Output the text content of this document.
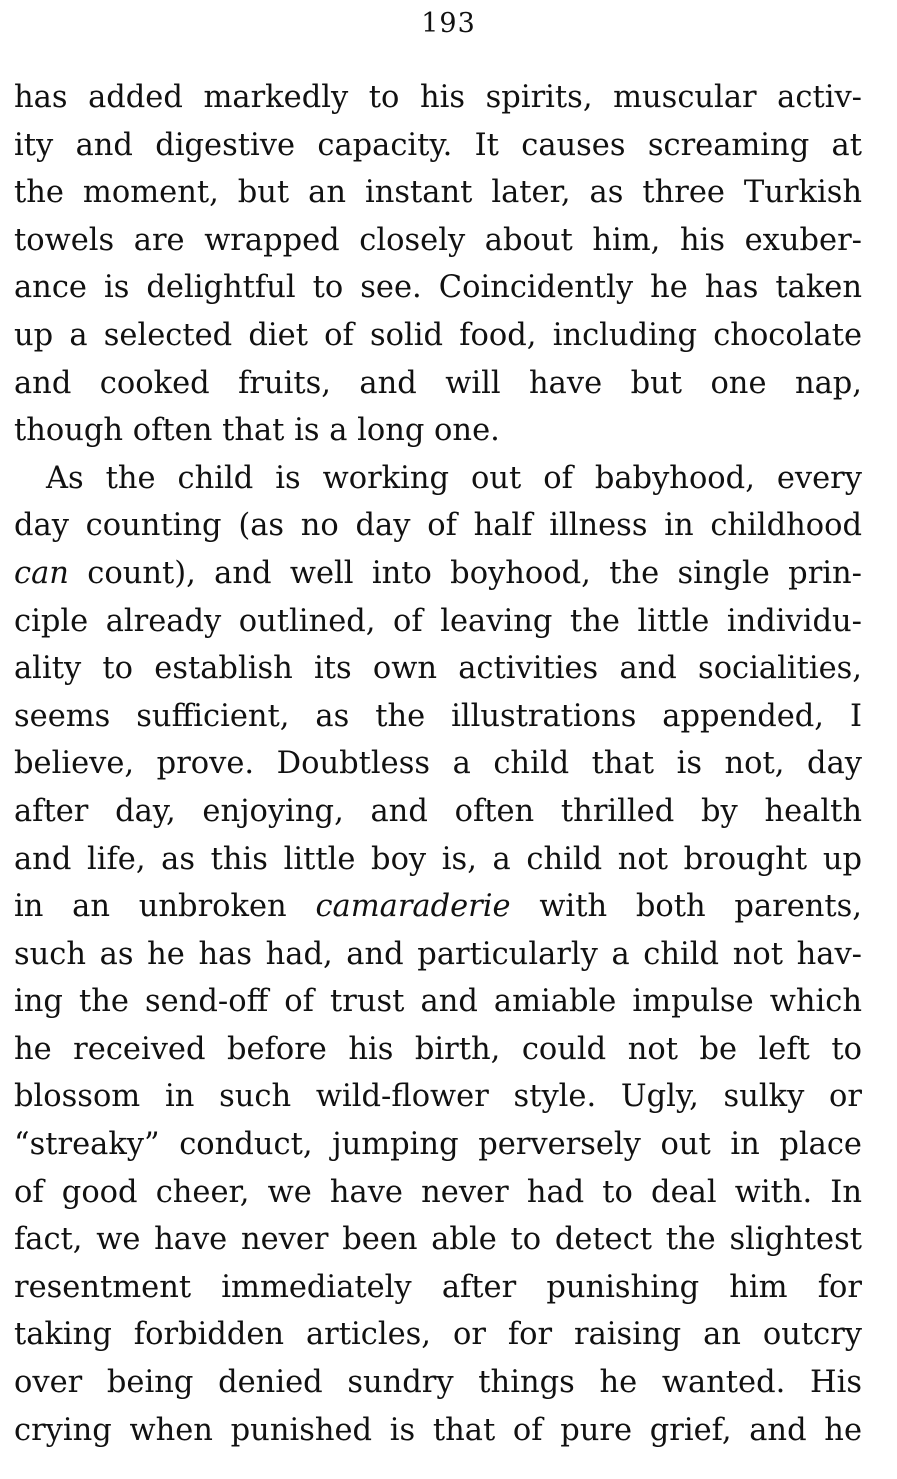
193
has added markedly to his spirits, muscular activ-
ity and digestive capacity. It causes screaming at
the moment, but an instant later, as three Turkish
towels are wrapped closely about him, his exuber-
ance is delightful to see. Coincidently he has taken
up a selected diet of solid food, including chocolate
and cooked fruits, and will have but one nap,
though often that is a long one.
As the child is working out of babyhood, every
day counting (as no day of half illness in childhood
can count), and well into boyhood, the single prin-
ciple already outlined, of leaving the little individu-
ality to establish its own activities and socialities,
seems sufficient, as the illustrations appended, I
believe, prove. Doubtless a child that is not, day
after day, enjoying, and often thrilled by health
and life, as this little boy is, a child not brought up
in an unbroken camaraderie with both parents,
such as he has had, and particularly a child not hav-
ing the send-off of trust and amiable impulse which
he received before his birth, could not be left to
blossom in such wild-flower style. Ugly, sulky or
“streaky” conduct, jumping perversely out in place
of good cheer, we have never had to deal with. In
fact, we have never been able to detect the slightest
resentment immediately after punishing him for
taking forbidden articles, or for raising an outcry
over being denied sundry things he wanted. His
crying when punished is that of pure grief, and he
